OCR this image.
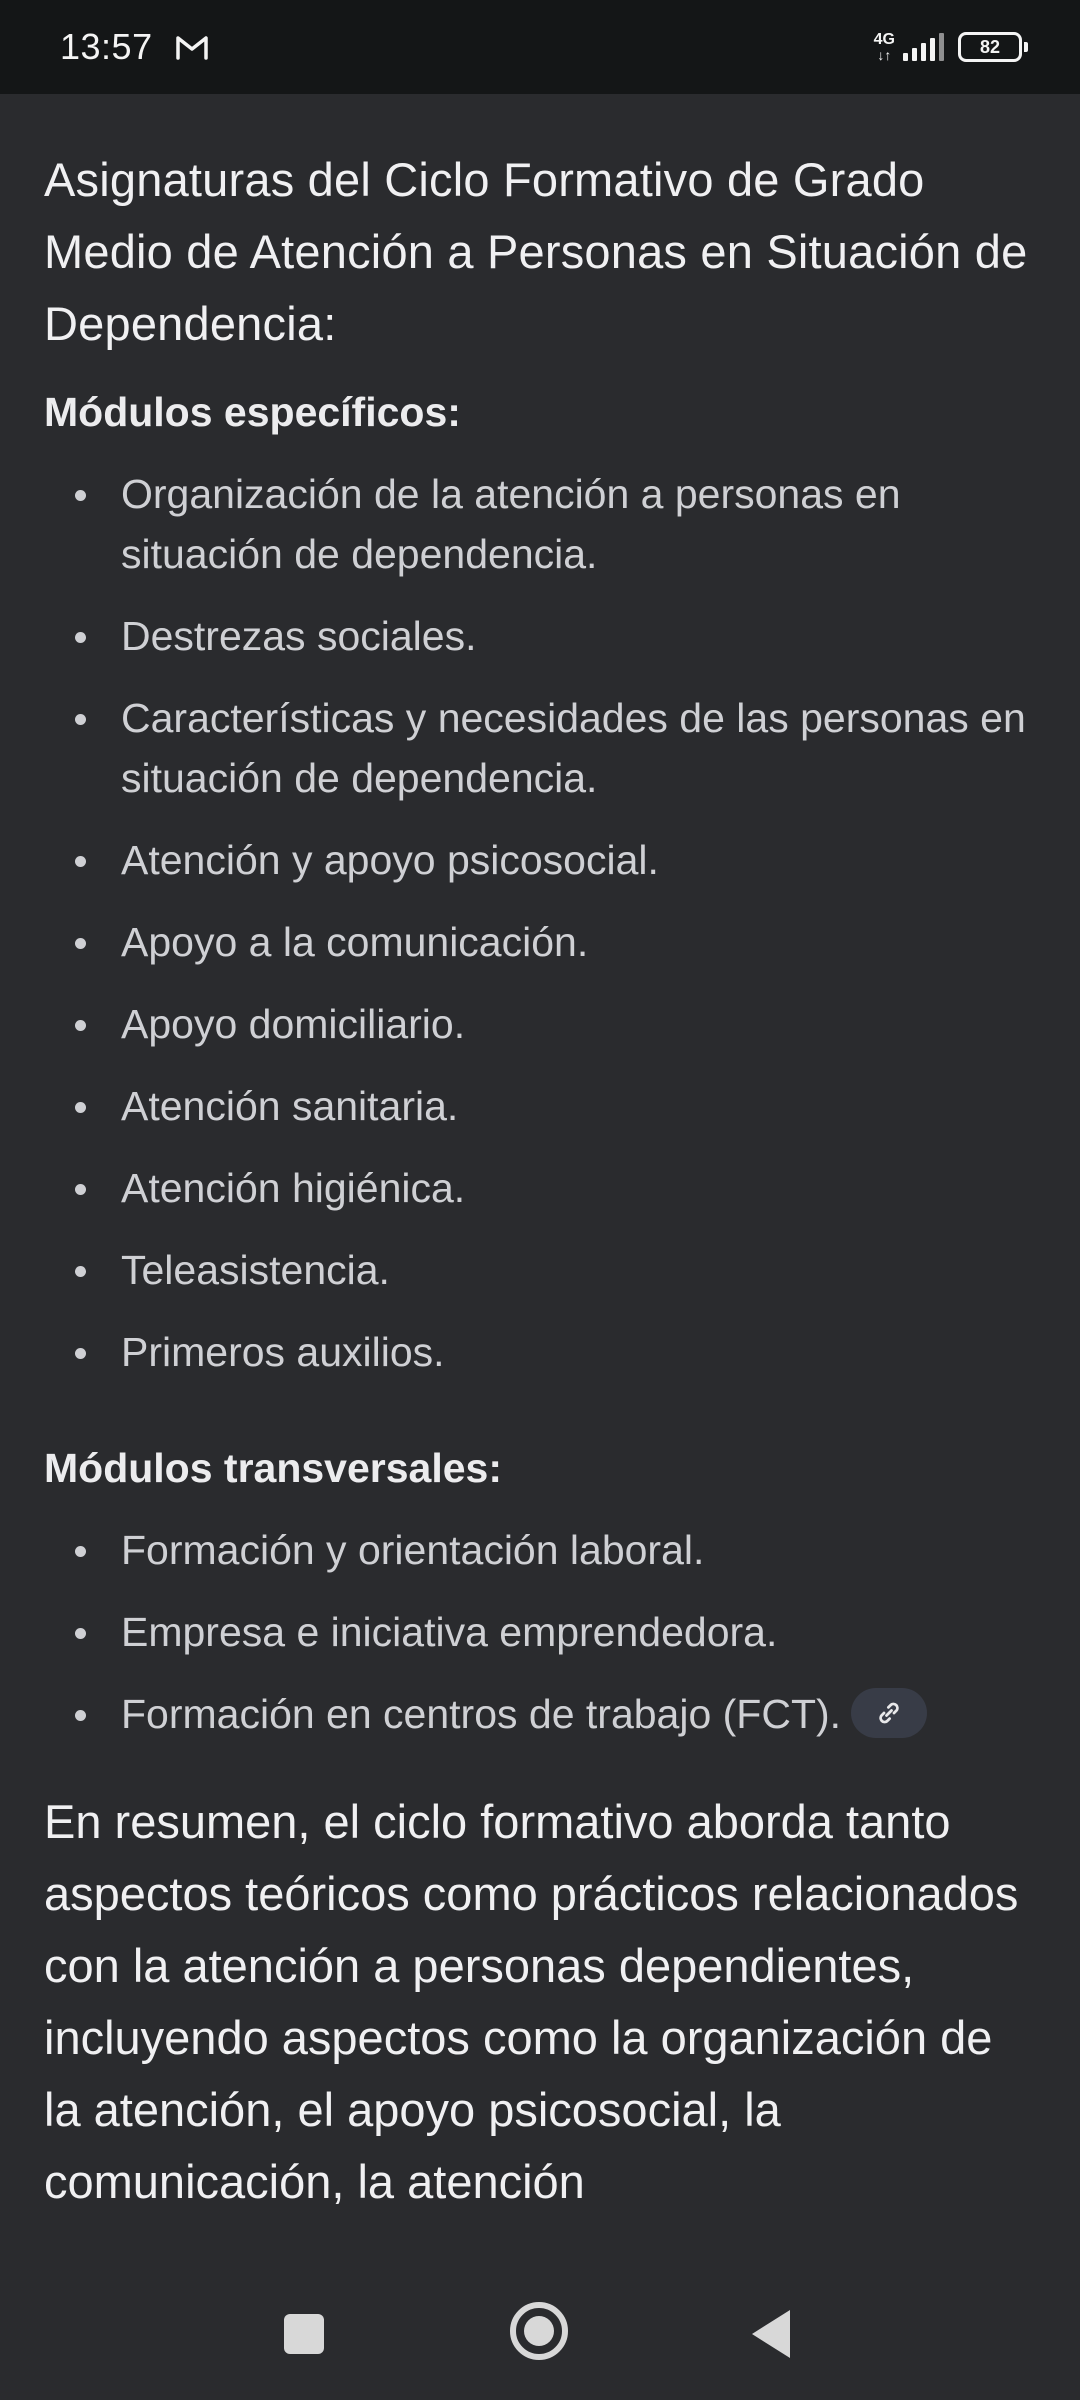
13:57	4G
↓↑	82
Asignaturas del Ciclo Formativo de Grado Medio de Atención a Personas en Situación de Dependencia:
Módulos específicos:
Organización de la atención a personas en situación de dependencia.
Destrezas sociales.
Características y necesidades de las personas en situación de dependencia.
Atención y apoyo psicosocial.
Apoyo a la comunicación.
Apoyo domiciliario.
Atención sanitaria.
Atención higiénica.
Teleasistencia.
Primeros auxilios.
Módulos transversales:
Formación y orientación laboral.
Empresa e iniciativa emprendedora.
Formación en centros de trabajo (FCT).

En resumen, el ciclo formativo aborda tanto aspectos teóricos como prácticos relacionados con la atención a personas dependientes, incluyendo aspectos como la organización de la atención, el apoyo psicosocial, la comunicación, la atención
